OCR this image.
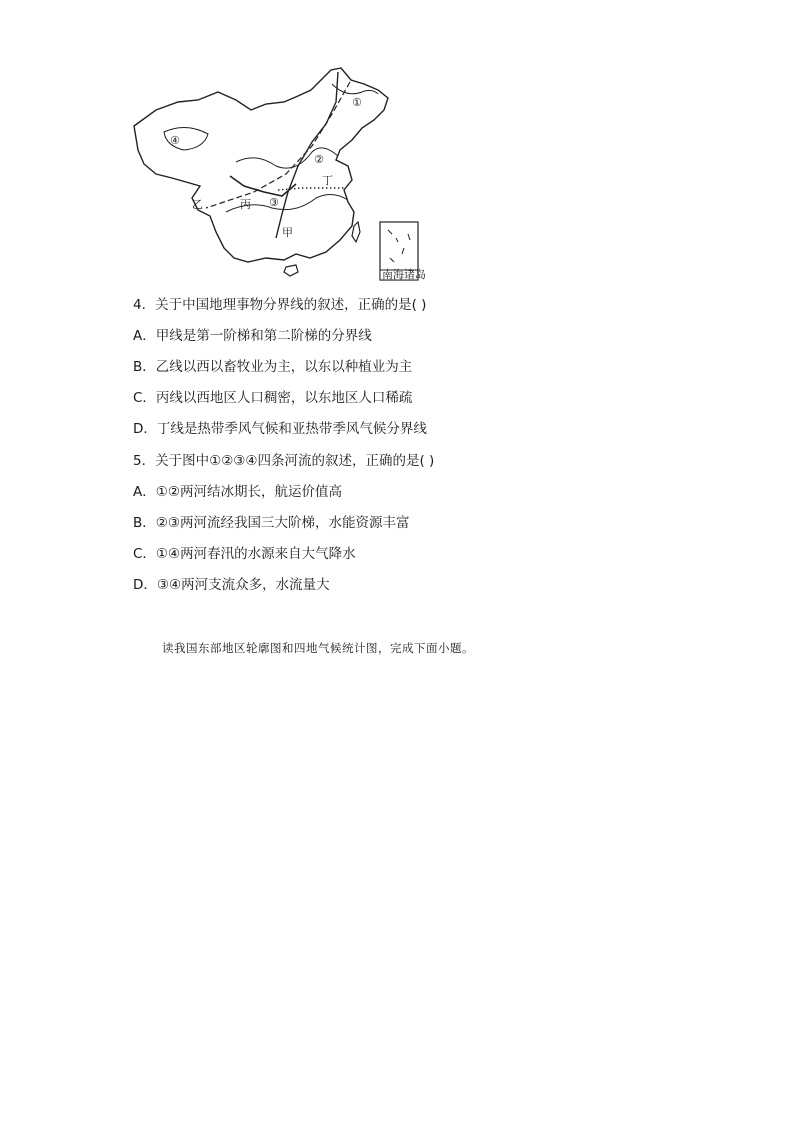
南海诸岛
①
②
③
④
甲
乙	丙
丁
4．关于中国地理事物分界线的叙述，正确的是( )
A．甲线是第一阶梯和第二阶梯的分界线
B．乙线以西以畜牧业为主，以东以种植业为主
C．丙线以西地区人口稠密，以东地区人口稀疏
D．丁线是热带季风气候和亚热带季风气候分界线
5．关于图中①②③④四条河流的叙述，正确的是( )
A．①②两河结冰期长，航运价值高
B．②③两河流经我国三大阶梯，水能资源丰富
C．①④两河春汛的水源来自大气降水
D．③④两河支流众多，水流量大
读我国东部地区轮廓图和四地气候统计图，完成下面小题。
